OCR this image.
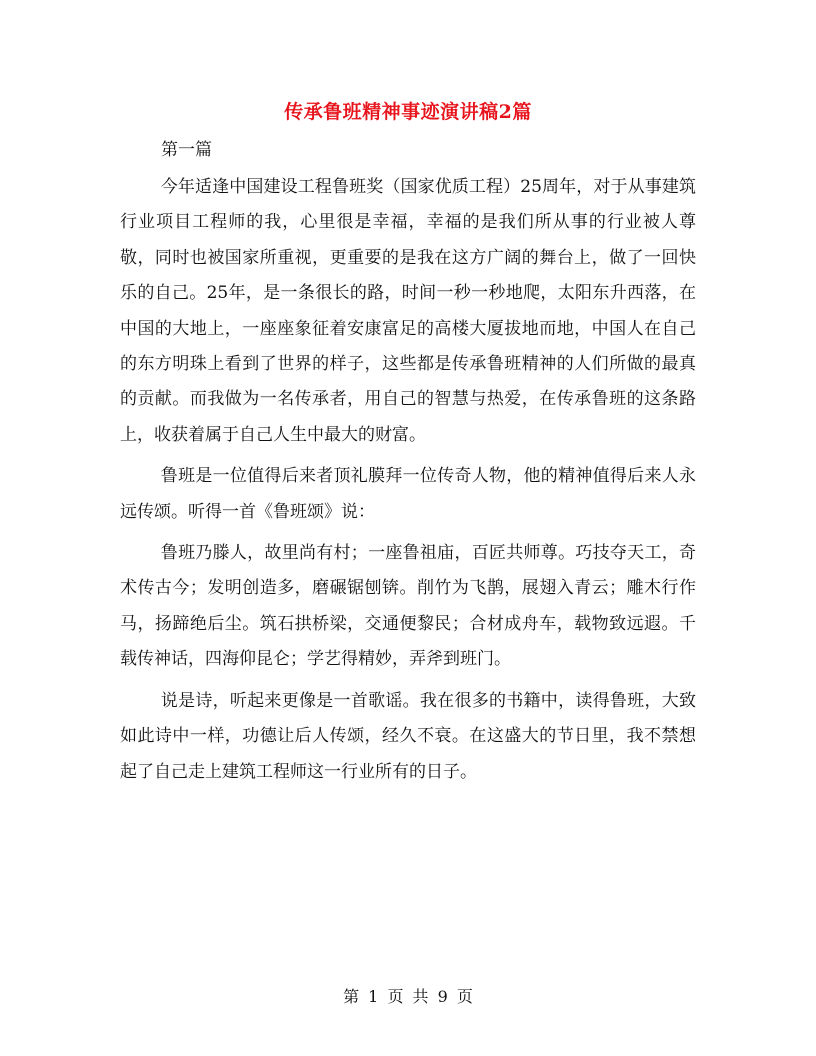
传承鲁班精神事迹演讲稿2篇
第一篇

今年适逢中国建设工程鲁班奖（国家优质工程）25周年，对于从事建筑行业项目工程师的我，心里很是幸福，幸福的是我们所从事的行业被人尊敬，同时也被国家所重视，更重要的是我在这方广阔的舞台上，做了一回快乐的自己。25年，是一条很长的路，时间一秒一秒地爬，太阳东升西落，在中国的大地上，一座座象征着安康富足的高楼大厦拔地而地，中国人在自己的东方明珠上看到了世界的样子，这些都是传承鲁班精神的人们所做的最真的贡献。而我做为一名传承者，用自己的智慧与热爱，在传承鲁班的这条路上，收获着属于自己人生中最大的财富。

鲁班是一位值得后来者顶礼膜拜一位传奇人物，他的精神值得后来人永远传颂。听得一首《鲁班颂》说：

鲁班乃滕人，故里尚有村；一座鲁祖庙，百匠共师尊。巧技夺天工，奇术传古今；发明创造多，磨碾锯刨锛。削竹为飞鹊，展翅入青云；雕木行作马，扬蹄绝后尘。筑石拱桥梁，交通便黎民；合材成舟车，载物致远遐。千载传神话，四海仰昆仑；学艺得精妙，弄斧到班门。

说是诗，听起来更像是一首歌谣。我在很多的书籍中，读得鲁班，大致如此诗中一样，功德让后人传颂，经久不衰。在这盛大的节日里，我不禁想起了自己走上建筑工程师这一行业所有的日子。

第 1 页 共 9 页
